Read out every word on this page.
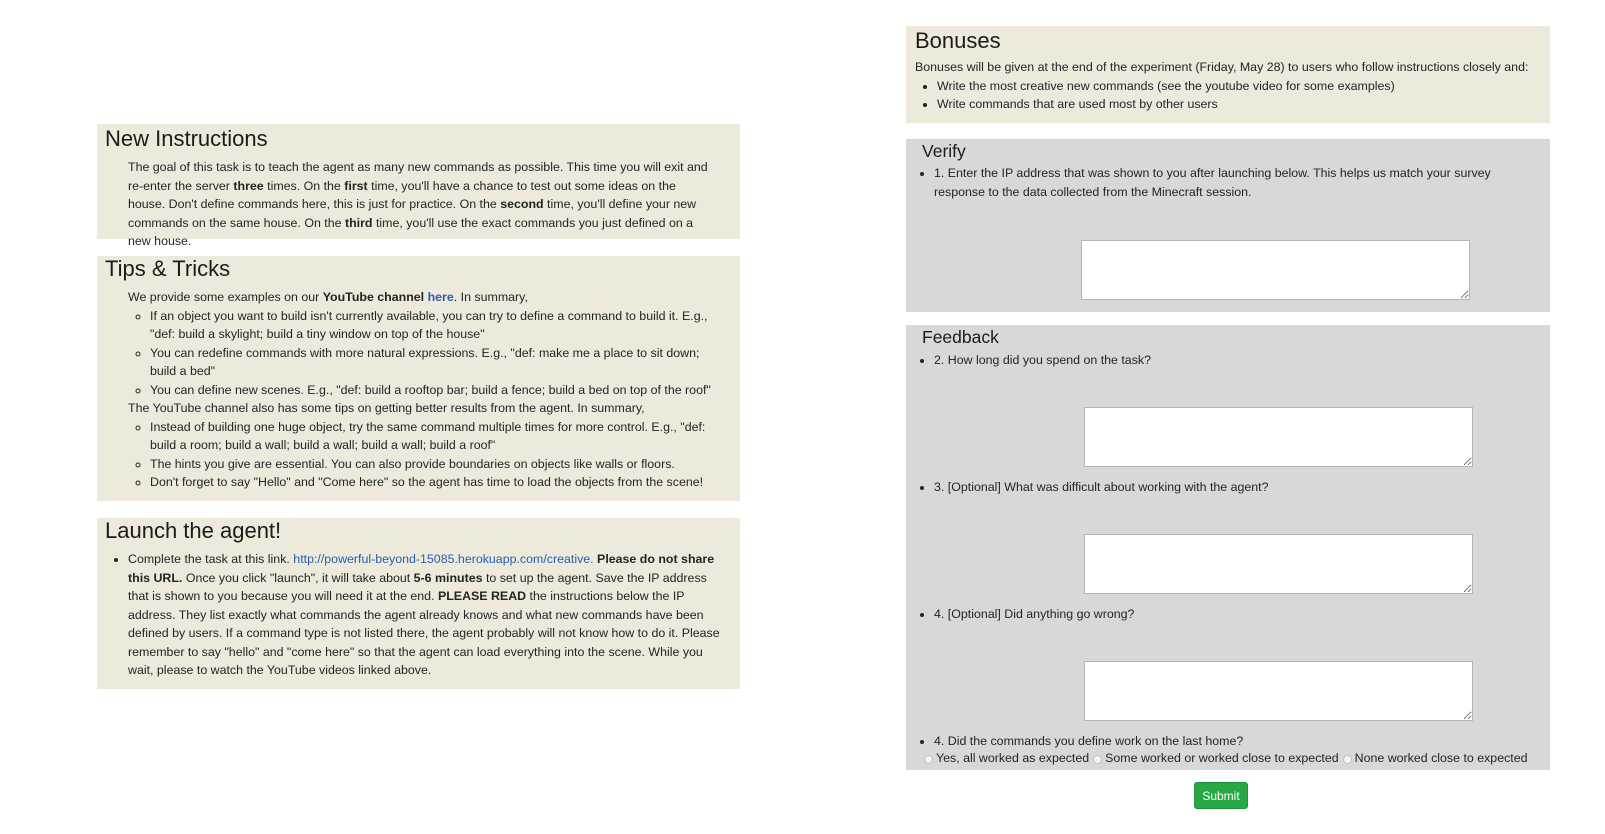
New Instructions
The goal of this task is to teach the agent as many new commands as possible. This time you will exit and re-enter the server three times. On the first time, you'll have a chance to test out some ideas on the house. Don't define commands here, this is just for practice. On the second time, you'll define your new commands on the same house. On the third time, you'll use the exact commands you just defined on a new house.
Tips & Tricks
We provide some examples on our YouTube channel here. In summary,
◦ If an object you want to build isn't currently available, you can try to define a command to build it. E.g., "def: build a skylight; build a tiny window on top of the house"
◦ You can redefine commands with more natural expressions. E.g., "def: make me a place to sit down; build a bed"
◦ You can define new scenes. E.g., "def: build a rooftop bar; build a fence; build a bed on top of the roof"
The YouTube channel also has some tips on getting better results from the agent. In summary,
◦ Instead of building one huge object, try the same command multiple times for more control. E.g., "def: build a room; build a wall; build a wall; build a wall; build a roof"
◦ The hints you give are essential. You can also provide boundaries on objects like walls or floors.
◦ Don't forget to say "Hello" and "Come here" so the agent has time to load the objects from the scene!
Launch the agent!
• Complete the task at this link. http://powerful-beyond-15085.herokuapp.com/creative. Please do not share this URL. Once you click "launch", it will take about 5-6 minutes to set up the agent. Save the IP address that is shown to you because you will need it at the end. PLEASE READ the instructions below the IP address. They list exactly what commands the agent already knows and what new commands have been defined by users. If a command type is not listed there, the agent probably will not know how to do it. Please remember to say "hello" and "come here" so that the agent can load everything into the scene. While you wait, please to watch the YouTube videos linked above.
Bonuses
Bonuses will be given at the end of the experiment (Friday, May 28) to users who follow instructions closely and:
• Write the most creative new commands (see the youtube video for some examples)
• Write commands that are used most by other users
Verify
• 1. Enter the IP address that was shown to you after launching below. This helps us match your survey response to the data collected from the Minecraft session.
Feedback
• 2. How long did you spend on the task?
• 3. [Optional] What was difficult about working with the agent?
• 4. [Optional] Did anything go wrong?
• 4. Did the commands you define work on the last home?
Yes, all worked as expected Some worked or worked close to expected None worked close to expected
Submit
